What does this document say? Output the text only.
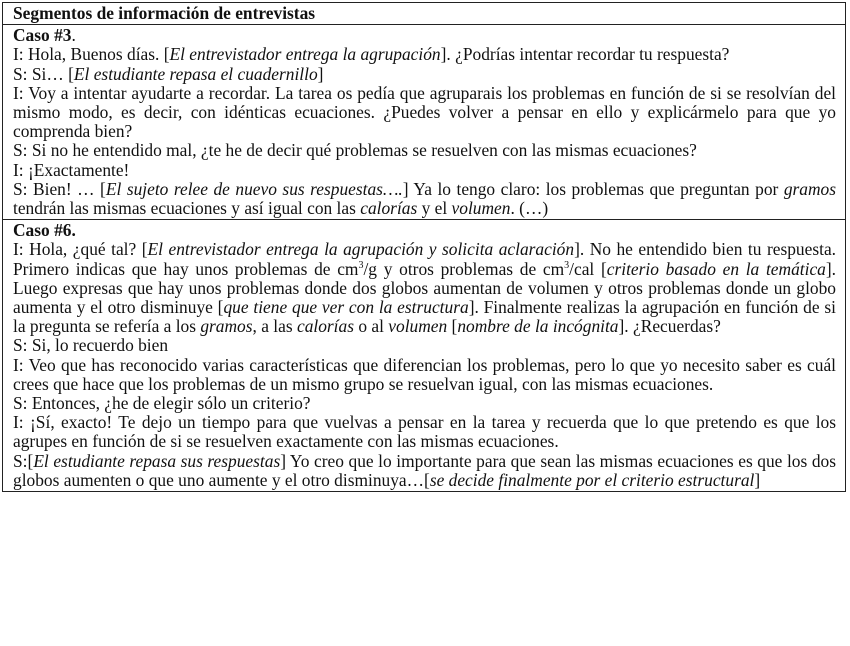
Segmentos de información de entrevistas

Caso #3.
I: Hola, Buenos días. [El entrevistador entrega la agrupación]. ¿Podrías intentar recordar tu respuesta?
S: Si… [El estudiante repasa el cuadernillo]
I: Voy a intentar ayudarte a recordar. La tarea os pedía que agruparais los problemas en función de si se resolvían del mismo modo, es decir, con idénticas ecuaciones. ¿Puedes volver a pensar en ello y explicármelo para que yo comprenda bien?
S: Si no he entendido mal, ¿te he de decir qué problemas se resuelven con las mismas ecuaciones?
I: ¡Exactamente!
S: Bien! … [El sujeto relee de nuevo sus respuestas….] Ya lo tengo claro: los problemas que preguntan por gramos tendrán las mismas ecuaciones y así igual con las calorías y el volumen. (…)

Caso #6.
I: Hola, ¿qué tal? [El entrevistador entrega la agrupación y solicita aclaración]. No he entendido bien tu respuesta. Primero indicas que hay unos problemas de $cm^3/g$ y otros problemas de $cm^3$/cal [criterio basado en la temática]. Luego expresas que hay unos problemas donde dos globos aumentan de volumen y otros problemas donde un globo aumenta y el otro disminuye [que tiene que ver con la estructura]. Finalmente realizas la agrupación en función de si la pregunta se refería a los gramos, a las calorías o al volumen [nombre de la incógnita]. ¿Recuerdas?
S: Si, lo recuerdo bien
I: Veo que has reconocido varias características que diferencian los problemas, pero lo que yo necesito saber es cuál crees que hace que los problemas de un mismo grupo se resuelvan igual, con las mismas ecuaciones.
S: Entonces, ¿he de elegir sólo un criterio?
I: ¡Sí, exacto! Te dejo un tiempo para que vuelvas a pensar en la tarea y recuerda que lo que pretendo es que los agrupes en función de si se resuelven exactamente con las mismas ecuaciones.
S:[El estudiante repasa sus respuestas] Yo creo que lo importante para que sean las mismas ecuaciones es que los dos globos aumenten o que uno aumente y el otro disminuya…[se decide finalmente por el criterio estructural]
